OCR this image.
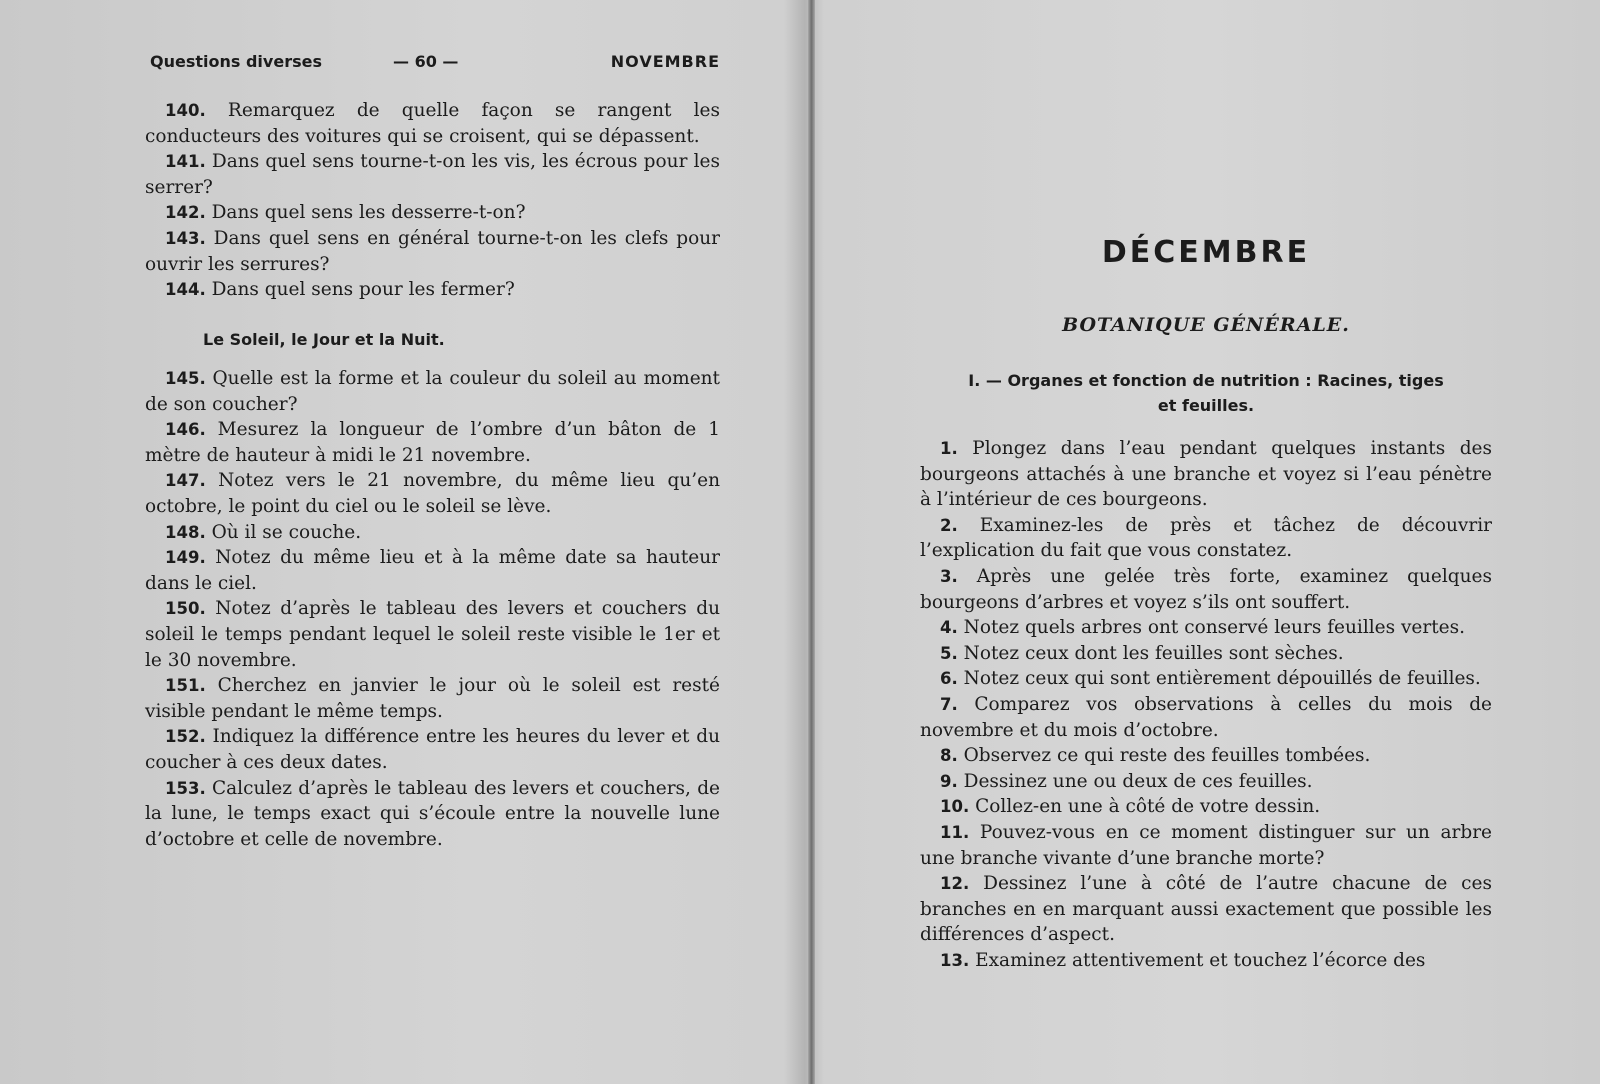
Questions diverses	— 60 —	NOVEMBRE

140. Remarquez de quelle façon se rangent les conducteurs des voitures qui se croisent, qui se dépassent.

141. Dans quel sens tourne-t-on les vis, les écrous pour les serrer?

142. Dans quel sens les desserre-t-on?

143. Dans quel sens en général tourne-t-on les clefs pour ouvrir les serrures?

144. Dans quel sens pour les fermer?

Le Soleil, le Jour et la Nuit.

145. Quelle est la forme et la couleur du soleil au moment de son coucher?

146. Mesurez la longueur de l’ombre d’un bâton de 1 mètre de hauteur à midi le 21 novembre.

147. Notez vers le 21 novembre, du même lieu qu’en octobre, le point du ciel ou le soleil se lève.

148. Où il se couche.

149. Notez du même lieu et à la même date sa hauteur dans le ciel.

150. Notez d’après le tableau des levers et couchers du soleil le temps pendant lequel le soleil reste visible le 1er et le 30 novembre.

151. Cherchez en janvier le jour où le soleil est resté visible pendant le même temps.

152. Indiquez la différence entre les heures du lever et du coucher à ces deux dates.

153. Calculez d’après le tableau des levers et couchers, de la lune, le temps exact qui s’écoule entre la nouvelle lune d’octobre et celle de novembre.

DÉCEMBRE
BOTANIQUE GÉNÉRALE.
I. — Organes et fonction de nutrition : Racines, tiges
et feuilles.

1. Plongez dans l’eau pendant quelques instants des bourgeons attachés à une branche et voyez si l’eau pénètre à l’intérieur de ces bourgeons.

2. Examinez-les de près et tâchez de découvrir l’explication du fait que vous constatez.

3. Après une gelée très forte, examinez quelques bourgeons d’arbres et voyez s’ils ont souffert.

4. Notez quels arbres ont conservé leurs feuilles vertes.

5. Notez ceux dont les feuilles sont sèches.

6. Notez ceux qui sont entièrement dépouillés de feuilles.

7. Comparez vos observations à celles du mois de novembre et du mois d’octobre.

8. Observez ce qui reste des feuilles tombées.

9. Dessinez une ou deux de ces feuilles.

10. Collez-en une à côté de votre dessin.

11. Pouvez-vous en ce moment distinguer sur un arbre une branche vivante d’une branche morte?

12. Dessinez l’une à côté de l’autre chacune de ces branches en en marquant aussi exactement que possible les différences d’aspect.

13. Examinez attentivement et touchez l’écorce des
